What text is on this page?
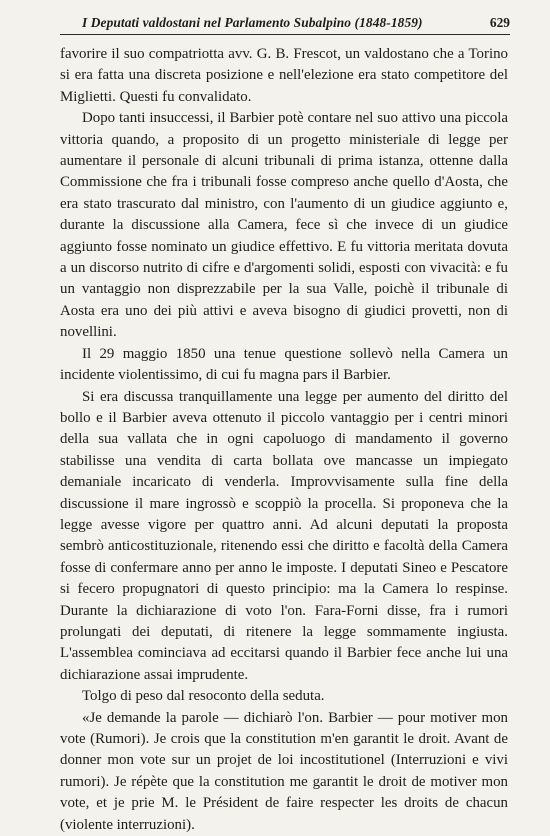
I Deputati valdostani nel Parlamento Subalpino (1848-1859)	629

favorire il suo compatriotta avv. G. B. Frescot, un valdostano che a Torino si era fatta una discreta posizione e nell'elezione era stato competitore del Miglietti. Questi fu convalidato.

Dopo tanti insuccessi, il Barbier potè contare nel suo attivo una piccola vittoria quando, a proposito di un progetto ministeriale di legge per aumentare il personale di alcuni tribunali di prima istanza, ottenne dalla Commissione che fra i tribunali fosse compreso anche quello d'Aosta, che era stato trascurato dal ministro, con l'aumento di un giudice aggiunto e, durante la discussione alla Camera, fece sì che invece di un giudice aggiunto fosse nominato un giudice effettivo. E fu vittoria meritata dovuta a un discorso nutrito di cifre e d'argomenti solidi, esposti con vivacità: e fu un vantaggio non disprezzabile per la sua Valle, poichè il tribunale di Aosta era uno dei più attivi e aveva bisogno di giudici provetti, non di novellini.

Il 29 maggio 1850 una tenue questione sollevò nella Camera un incidente violentissimo, di cui fu magna pars il Barbier.

Si era discussa tranquillamente una legge per aumento del diritto del bollo e il Barbier aveva ottenuto il piccolo vantaggio per i centri minori della sua vallata che in ogni capoluogo di mandamento il governo stabilisse una vendita di carta bollata ove mancasse un impiegato demaniale incaricato di venderla. Improvvisamente sulla fine della discussione il mare ingrossò e scoppiò la procella. Si proponeva che la legge avesse vigore per quattro anni. Ad alcuni deputati la proposta sembrò anticostituzionale, ritenendo essi che diritto e facoltà della Camera fosse di confermare anno per anno le imposte. I deputati Sineo e Pescatore si fecero propugnatori di questo principio: ma la Camera lo respinse. Durante la dichiarazione di voto l'on. Fara-Forni disse, fra i rumori prolungati dei deputati, di ritenere la legge sommamente ingiusta. L'assemblea cominciava ad eccitarsi quando il Barbier fece anche lui una dichiarazione assai imprudente.

Tolgo di peso dal resoconto della seduta.

«Je demande la parole — dichiarò l'on. Barbier — pour motiver mon vote (Rumori). Je crois que la constitution m'en garantit le droit. Avant de donner mon vote sur un projet de loi incostitutionel (Interruzioni e vivi rumori). Je répète que la constitution me garantit le droit de motiver mon vote, et je prie M. le Président de faire respecter les droits de chacun (violente interruzioni).
